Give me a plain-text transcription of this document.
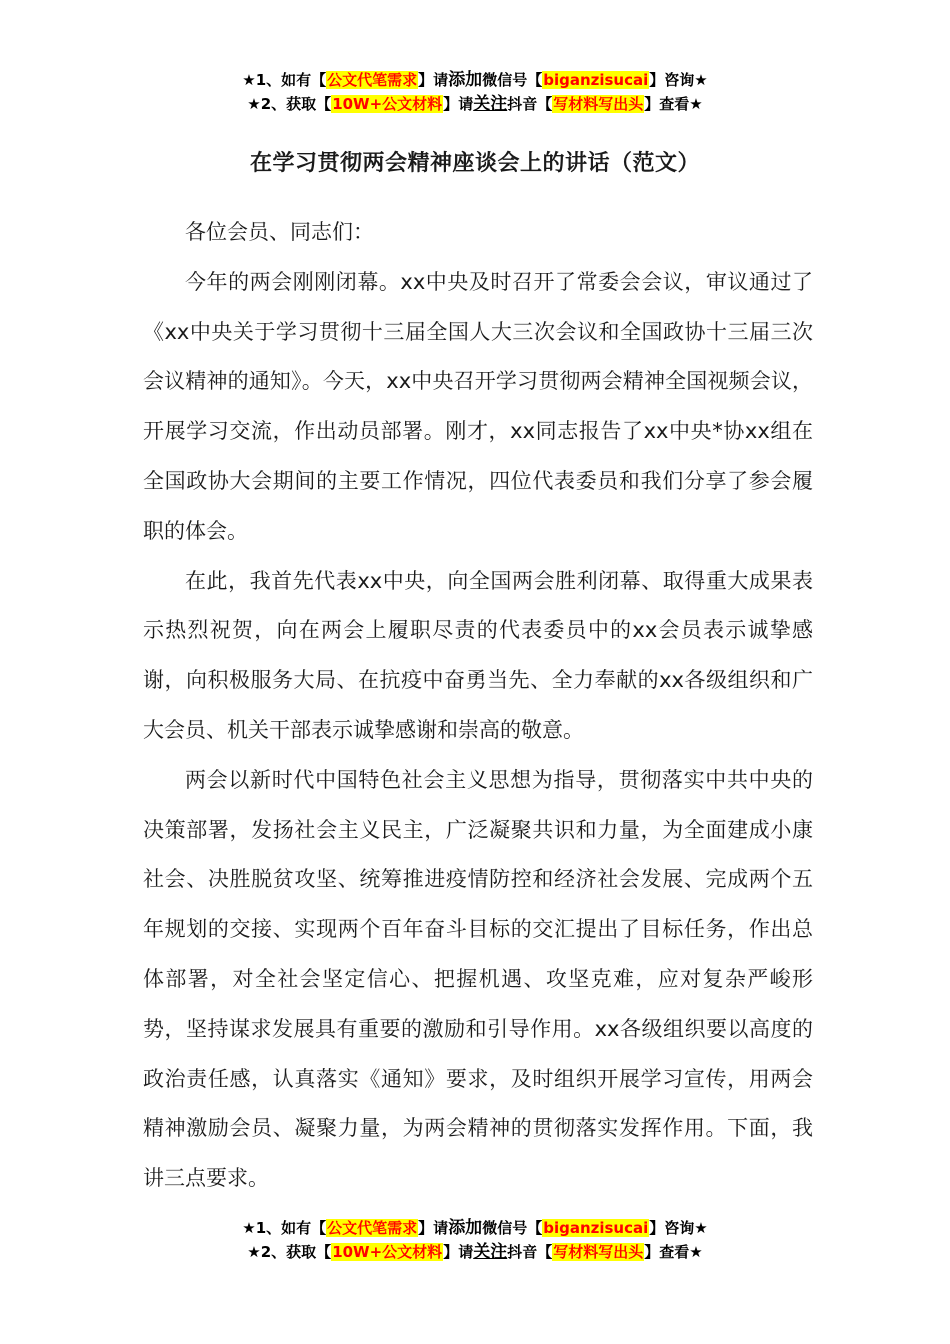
★1、如有【公文代笔需求】请添加微信号【biganzisucai】咨询★
★2、获取【10W+公文材料】请关注抖音【写材料写出头】查看★
在学习贯彻两会精神座谈会上的讲话（范文）

各位会员、同志们：

今年的两会刚刚闭幕。xx中央及时召开了常委会会议，审议通过了《xx中央关于学习贯彻十三届全国人大三次会议和全国政协十三届三次会议精神的通知》。今天，xx中央召开学习贯彻两会精神全国视频会议，开展学习交流，作出动员部署。刚才，xx同志报告了xx中央*协xx组在全国政协大会期间的主要工作情况，四位代表委员和我们分享了参会履职的体会。

在此，我首先代表xx中央，向全国两会胜利闭幕、取得重大成果表示热烈祝贺，向在两会上履职尽责的代表委员中的xx会员表示诚挚感谢，向积极服务大局、在抗疫中奋勇当先、全力奉献的xx各级组织和广大会员、机关干部表示诚挚感谢和崇高的敬意。

两会以新时代中国特色社会主义思想为指导，贯彻落实中共中央的决策部署，发扬社会主义民主，广泛凝聚共识和力量，为全面建成小康社会、决胜脱贫攻坚、统筹推进疫情防控和经济社会发展、完成两个五年规划的交接、实现两个百年奋斗目标的交汇提出了目标任务，作出总体部署，对全社会坚定信心、把握机遇、攻坚克难，应对复杂严峻形势，坚持谋求发展具有重要的激励和引导作用。xx各级组织要以高度的政治责任感，认真落实《通知》要求，及时组织开展学习宣传，用两会精神激励会员、凝聚力量，为两会精神的贯彻落实发挥作用。下面，我讲三点要求。

★1、如有【公文代笔需求】请添加微信号【biganzisucai】咨询★
★2、获取【10W+公文材料】请关注抖音【写材料写出头】查看★
